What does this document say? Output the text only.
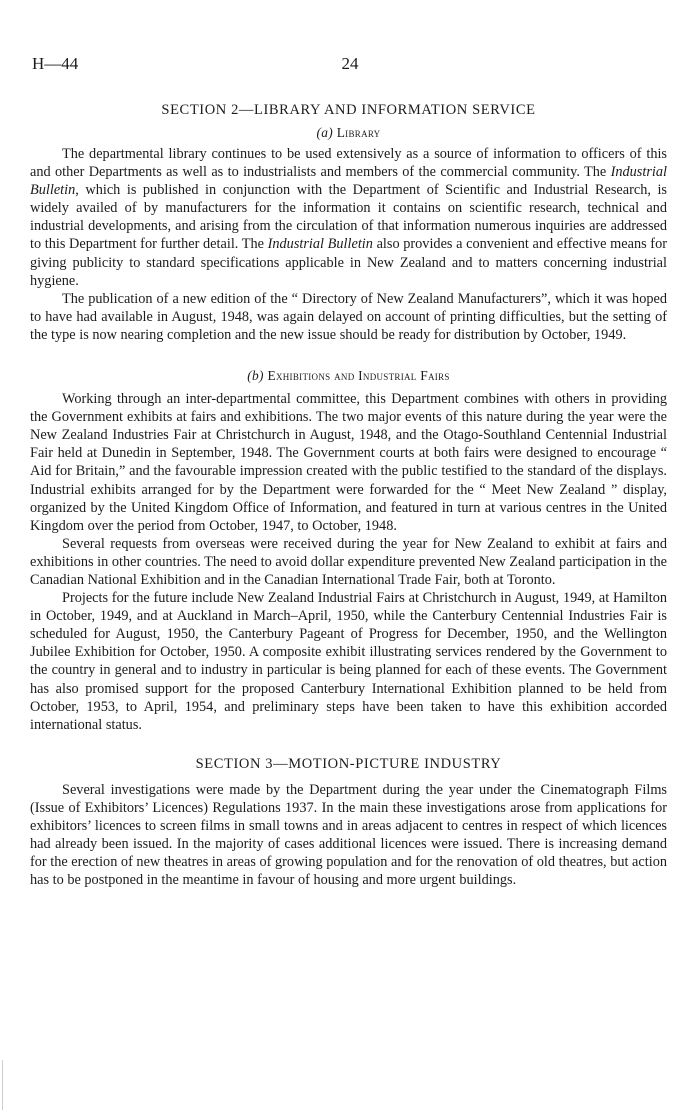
H—44	24

SECTION 2—LIBRARY AND INFORMATION SERVICE

(a) Library

The departmental library continues to be used extensively as a source of information to officers of this and other Departments as well as to industrialists and members of the commercial community. The Industrial Bulletin, which is published in conjunction with the Department of Scientific and Industrial Research, is widely availed of by manufacturers for the information it contains on scientific research, technical and industrial developments, and arising from the circulation of that information numerous inquiries are addressed to this Department for further detail. The Industrial Bulletin also provides a convenient and effective means for giving publicity to standard specifications applicable in New Zealand and to matters concerning industrial hygiene.

The publication of a new edition of the “ Directory of New Zealand Manufacturers”, which it was hoped to have had available in August, 1948, was again delayed on account of printing difficulties, but the setting of the type is now nearing completion and the new issue should be ready for distribution by October, 1949.

(b) Exhibitions and Industrial Fairs

Working through an inter-departmental committee, this Department combines with others in providing the Government exhibits at fairs and exhibitions. The two major events of this nature during the year were the New Zealand Industries Fair at Christchurch in August, 1948, and the Otago-Southland Centennial Industrial Fair held at Dunedin in September, 1948. The Government courts at both fairs were designed to encourage “ Aid for Britain,” and the favourable impression created with the public testified to the standard of the displays. Industrial exhibits arranged for by the Department were forwarded for the “ Meet New Zealand ” display, organized by the United Kingdom Office of Information, and featured in turn at various centres in the United Kingdom over the period from October, 1947, to October, 1948.

Several requests from overseas were received during the year for New Zealand to exhibit at fairs and exhibitions in other countries. The need to avoid dollar expenditure prevented New Zealand participation in the Canadian National Exhibition and in the Canadian International Trade Fair, both at Toronto.

Projects for the future include New Zealand Industrial Fairs at Christchurch in August, 1949, at Hamilton in October, 1949, and at Auckland in March–April, 1950, while the Canterbury Centennial Industries Fair is scheduled for August, 1950, the Canterbury Pageant of Progress for December, 1950, and the Wellington Jubilee Exhibition for October, 1950. A composite exhibit illustrating services rendered by the Government to the country in general and to industry in particular is being planned for each of these events. The Government has also promised support for the proposed Canterbury International Exhibition planned to be held from October, 1953, to April, 1954, and preliminary steps have been taken to have this exhibition accorded international status.

SECTION 3—MOTION-PICTURE INDUSTRY

Several investigations were made by the Department during the year under the Cinematograph Films (Issue of Exhibitors’ Licences) Regulations 1937. In the main these investigations arose from applications for exhibitors’ licences to screen films in small towns and in areas adjacent to centres in respect of which licences had already been issued. In the majority of cases additional licences were issued. There is increasing demand for the erection of new theatres in areas of growing population and for the renovation of old theatres, but action has to be postponed in the meantime in favour of housing and more urgent buildings.
